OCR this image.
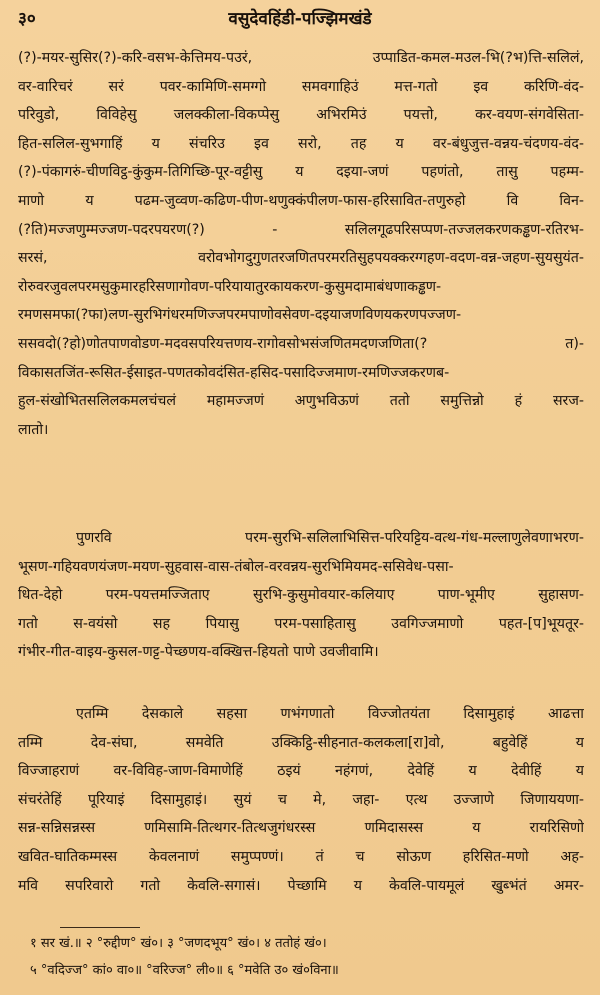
३०	वसुदेवहिंडी-पज्झिमखंडे
(?)-मयर-सुसिर(?)-करि-वसभ-केत्तिमय-पउरं, उप्पाडित-कमल-मउल-भि(?भ)त्ति-सलिलं,
वर-वारिचरं सरं पवर-कामिणि-समग्गो समवगाहिउं मत्त-गतो इव करिणि-वंद-
परिवुडो, विविहेसु जलक्कीला-विकप्पेसु अभिरमिउं पयत्तो, कर-वयण-संगवेसिता-
हित-सलिल-सुभगाहिं य संचरिउ इव सरो, तह य वर-बंधुजुत्त-वन्नय-चंदणय-वंद-
(?)-पंकागरुं-चीणविट्ठ-कुंकुम-तिगिच्छि-पूर-वट्टीसु य दइया-जणं पहणंतो, तासु पहम्म-
माणो य पढम-जुव्वण-कढिण-पीण-थणुक्कंपीलण-फास-हरिसावित-तणुरुहो वि विन-
(?ति)मज्जणुम्मज्जण-पदरपयरण(?) - सलिलगूढपरिसप्पण-तज्जलकरणकड्ढण-रतिरभ-
सरसं, वरोवभोगदुगुणतरजणितपरमरतिसुहपयक्करग्गहण-वदण-वन्न-जहण-सुयसुयंत-
रोरुवरजुवलपरमसुकुमारहरिसणागोवण-परियायातुरकायकरण-कुसुमदामाबंधणाकड्ढण-
रमणसमफा(?फा)लण-सुरभिगंधरमणिज्जपरमपाणोवसेवण-दइयाजणविणयकरणपज्जण-
ससवदो(?हो)णोतपाणवोडण-मदवसपरियत्तणय-रागोवसोभसंजणितमदणजणिता(? त)-
विकासतजिंत-रूसित-ईसाइत-पणतकोवदंसित-हसिद-पसादिज्जमाण-रमणिज्जकरणब-
हुल-संखोभितसलिलकमलचंचलं महामज्जणं अणुभविऊणं ततो समुत्तिन्नो हं सरज-
लातो।
पुणरवि परम-सुरभि-सलिलाभिसित्त-परियट्टिय-वत्थ-गंध-मल्लाणुलेवणाभरण-
भूसण-गहियवणयंजण-मयण-सुहवास-वास-तंबोल-वरवन्नय-सुरभिमियमद-ससिवेध-पसा-
धित-देहो परम-पयत्तमज्जिताए सुरभि-कुसुमोवयार-कलियाए पाण-भूमीए सुहासण-
गतो स-वयंसो सह पियासु परम-पसाहितासु उवगिज्जमाणो पहत-[प]भूयतूर-
गंभीर-गीत-वाइय-कुसल-णट्ट-पेच्छणय-वक्खित्त-हियतो पाणे उवजीवामि।
एतम्मि देसकाले सहसा णभंगणातो विज्जोतयंता दिसामुहाइं आढत्ता
तम्मि देव-संघा, समवेति उक्किट्ठि-सीहनात-कलकला[रा]वो, बहुवेहिं य
विज्जाहराणं वर-विविह-जाण-विमाणेहिं ठइयं नहंगणं, देवेहिं य देवीहिं य
संचरंतेहिं पूरियाइं दिसामुहाइं। सुयं च मे, जहा- एत्थ उज्जाणे जिणाययणा-
सन्न-सन्निसन्नस्स णमिसामि-तित्थगर-तित्थजुगंधरस्स णमिदासस्स य रायरिसिणो
खवित-घातिकम्मस्स केवलनाणं समुप्पण्णं। तं च सोऊण हरिसित-मणो अह-
मवि सपरिवारो गतो केवलि-सगासं। पेच्छामि य केवलि-पायमूलं खुब्भंतं अमर-
१ सर खं.॥ २ °रुद्दीण° खं०। ३ °जणदभूय° खं०। ४ ततोहं खं०।
५ °वदिज्ज° कां० वा०॥ °वरिज्ज° ली०॥ ६ °मवेति उ० खं०विना॥
